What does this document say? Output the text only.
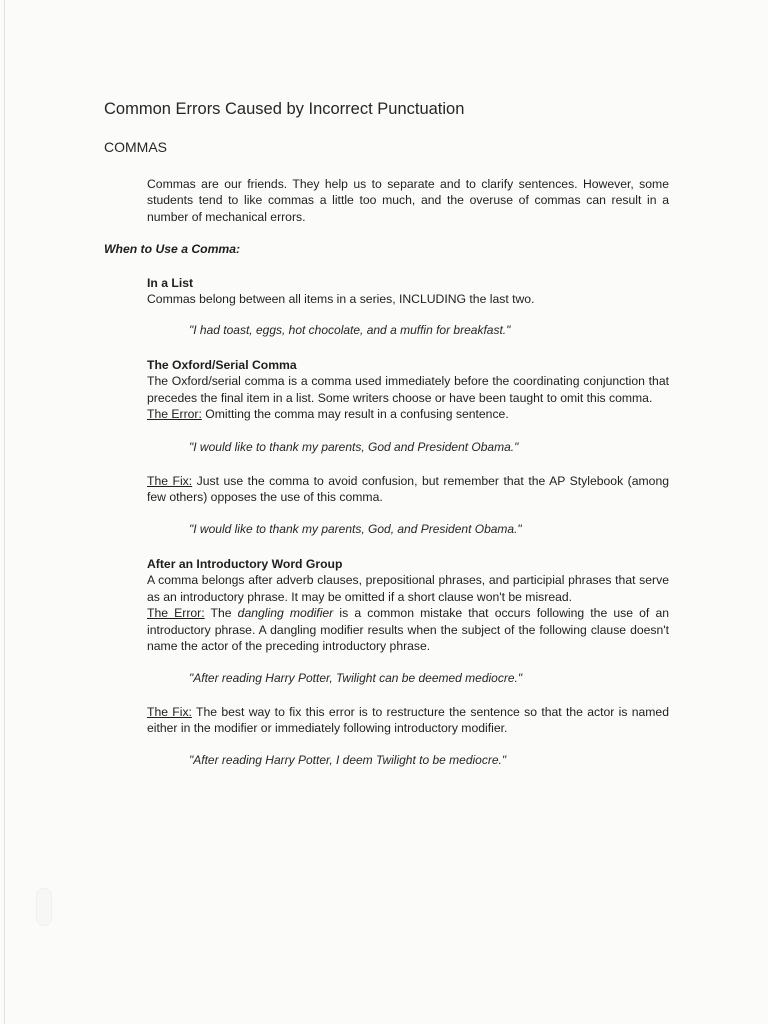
Common Errors Caused by Incorrect Punctuation
COMMAS
Commas are our friends. They help us to separate and to clarify sentences. However, some
students tend to like commas a little too much, and the overuse of commas can result in a
number of mechanical errors.
When to Use a Comma:
In a List
Commas belong between all items in a series, INCLUDING the last two.
"I had toast, eggs, hot chocolate, and a muffin for breakfast."
The Oxford/Serial Comma
The Oxford/serial comma is a comma used immediately before the coordinating conjunction that
precedes the final item in a list. Some writers choose or have been taught to omit this comma.
The Error: Omitting the comma may result in a confusing sentence.
"I would like to thank my parents, God and President Obama."
The Fix: Just use the comma to avoid confusion, but remember that the AP Stylebook (among
few others) opposes the use of this comma.
"I would like to thank my parents, God, and President Obama."
After an Introductory Word Group
A comma belongs after adverb clauses, prepositional phrases, and participial phrases that serve
as an introductory phrase. It may be omitted if a short clause won't be misread.
The Error: The dangling modifier is a common mistake that occurs following the use of an
introductory phrase. A dangling modifier results when the subject of the following clause doesn't
name the actor of the preceding introductory phrase.
"After reading Harry Potter, Twilight can be deemed mediocre."
The Fix: The best way to fix this error is to restructure the sentence so that the actor is named
either in the modifier or immediately following introductory modifier.
"After reading Harry Potter, I deem Twilight to be mediocre."
